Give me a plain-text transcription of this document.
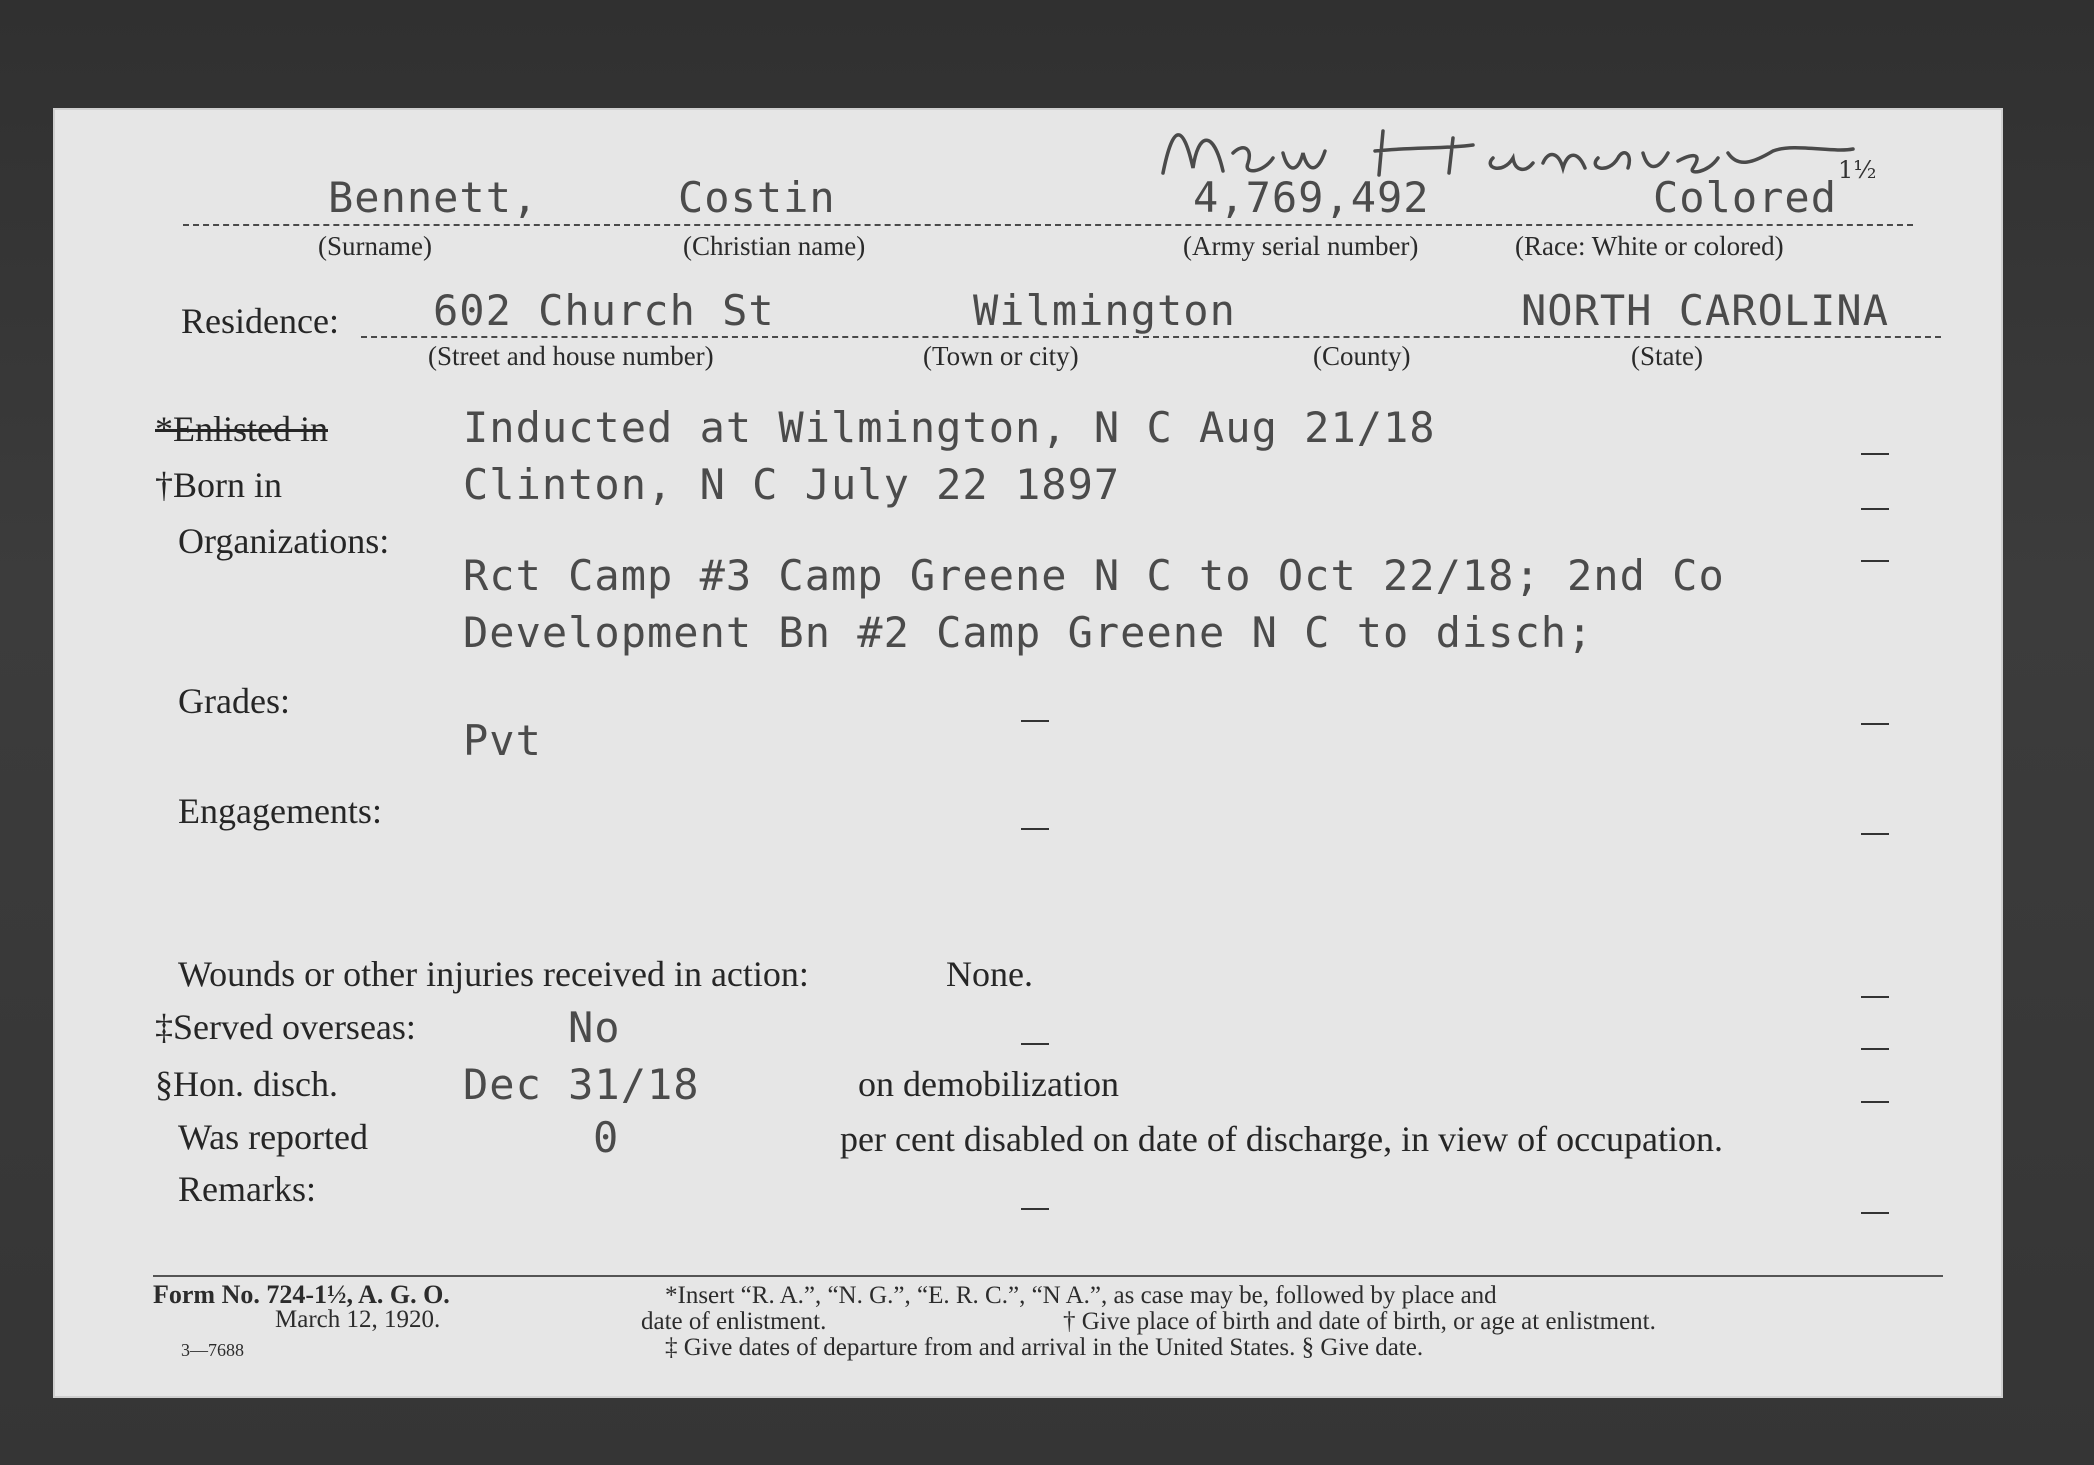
Bennett,	Costin	4,769,492	Colored
1½
(Surname)	(Christian name)	(Army serial number)	(Race: White or colored)
Residence: 602 Church St	Wilmington	NORTH CAROLINA
(Street and house number)	(Town or city)	(County)	(State)
*Enlisted in	Inducted at Wilmington, N C Aug 21/18
†Born in	Clinton, N C July 22 1897
Organizations:
Rct Camp #3 Camp Greene N C to Oct 22/18; 2nd Co
Development Bn #2 Camp Greene N C to disch;
Grades:
Pvt
Engagements:
Wounds or other injuries received in action:	None.
‡Served overseas:	No
§Hon. disch.	Dec 31/18	on demobilization
Was reported	0	per cent disabled on date of discharge, in view of occupation.
Remarks:
Form No. 724-1½, A. G. O.
March 12, 1920.
3—7688
*Insert “R. A.”, “N. G.”, “E. R. C.”, “N A.”, as case may be, followed by place and
date of enlistment.	† Give place of birth and date of birth, or age at enlistment.
‡ Give dates of departure from and arrival in the United States. § Give date.
